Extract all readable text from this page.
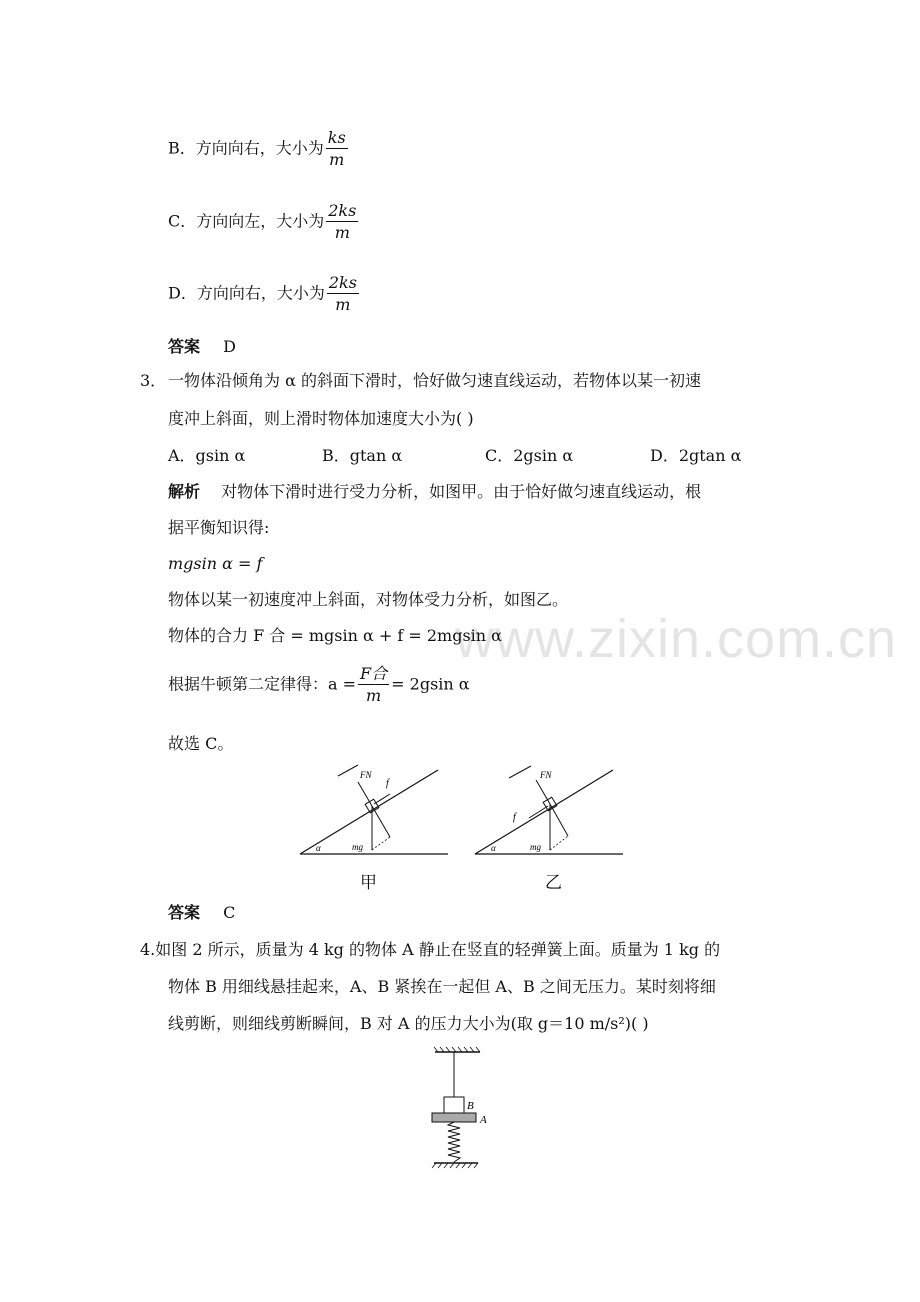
www.zixin.com.cn
B．方向向右，大小为 $\frac{ks}{m}$
C．方向向左，大小为 $\frac{2ks}{m}$
D．方向向右，大小为 $\frac{2ks}{m}$
答案 D
3． 一物体沿倾角为 α 的斜面下滑时，恰好做匀速直线运动，若物体以某一初速
度冲上斜面，则上滑时物体加速度大小为( )
A．gsin α	B．gtan α	C．2gsin α	D．2gtan α
解析 对物体下滑时进行受力分析，如图甲。由于恰好做匀速直线运动，根
据平衡知识得:
mgsin α = f
物体以某一初速度冲上斜面，对物体受力分析，如图乙。
物体的合力 F 合 = mgsin α + f = 2mgsin α
根据牛顿第二定律得：$a = \frac{\text{F合}}{m} = 2gsin$ α
故选 C。
FN
f
mg
α
甲
FN
f
mg
α
乙
答案 C
4.如图 2 所示，质量为 4 kg 的物体 A 静止在竖直的轻弹簧上面。质量为 1 kg 的
物体 B 用细线悬挂起来，A、B 紧挨在一起但 A、B 之间无压力。某时刻将细
线剪断，则细线剪断瞬间，B 对 A 的压力大小为(取 g＝10 m/s²)( )
B
A
